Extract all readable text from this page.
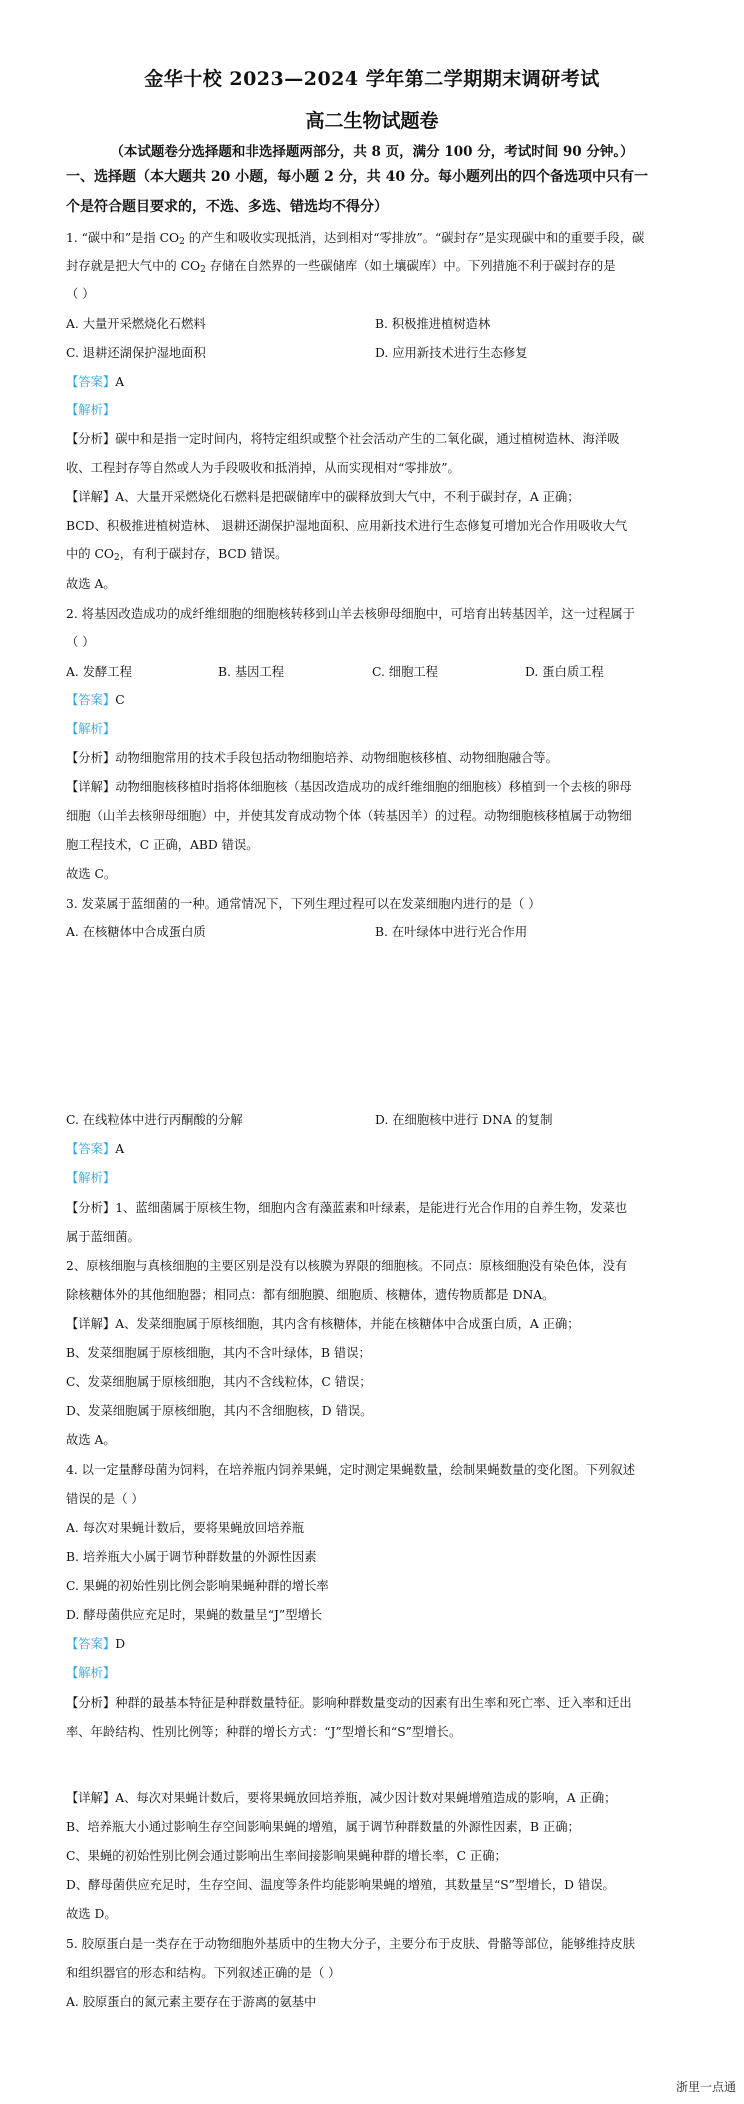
金华十校 2023—2024 学年第二学期期末调研考试
高二生物试题卷
（本试题卷分选择题和非选择题两部分，共 8 页，满分 100 分，考试时间 90 分钟。）
一、选择题（本大题共 20 小题，每小题 2 分，共 40 分。每小题列出的四个备选项中只有一
个是符合题目要求的，不选、多选、错选均不得分）
1. “碳中和”是指 $CO_2$ 的产生和吸收实现抵消，达到相对“零排放”。“碳封存”是实现碳中和的重要手段，碳
封存就是把大气中的 $CO_2$ 存储在自然界的一些碳储库（如土壤碳库）中。下列措施不利于碳封存的是
（ ）
A. 大量开采燃烧化石燃料	B. 积极推进植树造林
C. 退耕还湖保护湿地面积	D. 应用新技术进行生态修复
【答案】A
【解析】
【分析】碳中和是指一定时间内，将特定组织或整个社会活动产生的二氧化碳，通过植树造林、海洋吸
收、工程封存等自然或人为手段吸收和抵消掉，从而实现相对“零排放”。
【详解】A、大量开采燃烧化石燃料是把碳储库中的碳释放到大气中，不利于碳封存，A 正确；
BCD、积极推进植树造林、 退耕还湖保护湿地面积、应用新技术进行生态修复可增加光合作用吸收大气
中的 $CO_2$，有利于碳封存，BCD 错误。
故选 A。
2. 将基因改造成功的成纤维细胞的细胞核转移到山羊去核卵母细胞中，可培育出转基因羊，这一过程属于
（ ）
A. 发酵工程	B. 基因工程	C. 细胞工程	D. 蛋白质工程
【答案】C
【解析】
【分析】动物细胞常用的技术手段包括动物细胞培养、动物细胞核移植、动物细胞融合等。
【详解】动物细胞核移植时指将体细胞核（基因改造成功的成纤维细胞的细胞核）移植到一个去核的卵母
细胞（山羊去核卵母细胞）中，并使其发育成动物个体（转基因羊）的过程。动物细胞核移植属于动物细
胞工程技术，C 正确，ABD 错误。
故选 C。
3. 发菜属于蓝细菌的一种。通常情况下，下列生理过程可以在发菜细胞内进行的是（ ）
A. 在核糖体中合成蛋白质	B. 在叶绿体中进行光合作用
C. 在线粒体中进行丙酮酸的分解	D. 在细胞核中进行 DNA 的复制
【答案】A
【解析】
【分析】1、蓝细菌属于原核生物，细胞内含有藻蓝素和叶绿素，是能进行光合作用的自养生物，发菜也
属于蓝细菌。
2、原核细胞与真核细胞的主要区别是没有以核膜为界限的细胞核。不同点：原核细胞没有染色体，没有
除核糖体外的其他细胞器；相同点：都有细胞膜、细胞质、核糖体，遗传物质都是 DNA。
【详解】A、发菜细胞属于原核细胞，其内含有核糖体，并能在核糖体中合成蛋白质，A 正确；
B、发菜细胞属于原核细胞，其内不含叶绿体，B 错误；
C、发菜细胞属于原核细胞，其内不含线粒体，C 错误；
D、发菜细胞属于原核细胞，其内不含细胞核，D 错误。
故选 A。
4. 以一定量酵母菌为饲料，在培养瓶内饲养果蝇，定时测定果蝇数量，绘制果蝇数量的变化图。下列叙述
错误的是（ ）
A. 每次对果蝇计数后，要将果蝇放回培养瓶
B. 培养瓶大小属于调节种群数量的外源性因素
C. 果蝇的初始性别比例会影响果蝇种群的增长率
D. 酵母菌供应充足时，果蝇的数量呈“J”型增长
【答案】D
【解析】
【分析】种群的最基本特征是种群数量特征。影响种群数量变动的因素有出生率和死亡率、迁入率和迁出
率、年龄结构、性别比例等；种群的增长方式：“J”型增长和“S”型增长。
【详解】A、每次对果蝇计数后，要将果蝇放回培养瓶，减少因计数对果蝇增殖造成的影响，A 正确；
B、培养瓶大小通过影响生存空间影响果蝇的增殖，属于调节种群数量的外源性因素，B 正确；
C、果蝇的初始性别比例会通过影响出生率间接影响果蝇种群的增长率，C 正确；
D、酵母菌供应充足时，生存空间、温度等条件均能影响果蝇的增殖，其数量呈“S”型增长，D 错误。
故选 D。
5. 胶原蛋白是一类存在于动物细胞外基质中的生物大分子，主要分布于皮肤、骨骼等部位，能够维持皮肤
和组织器官的形态和结构。下列叙述正确的是（ ）
A. 胶原蛋白的氮元素主要存在于游离的氨基中
浙里一点通
